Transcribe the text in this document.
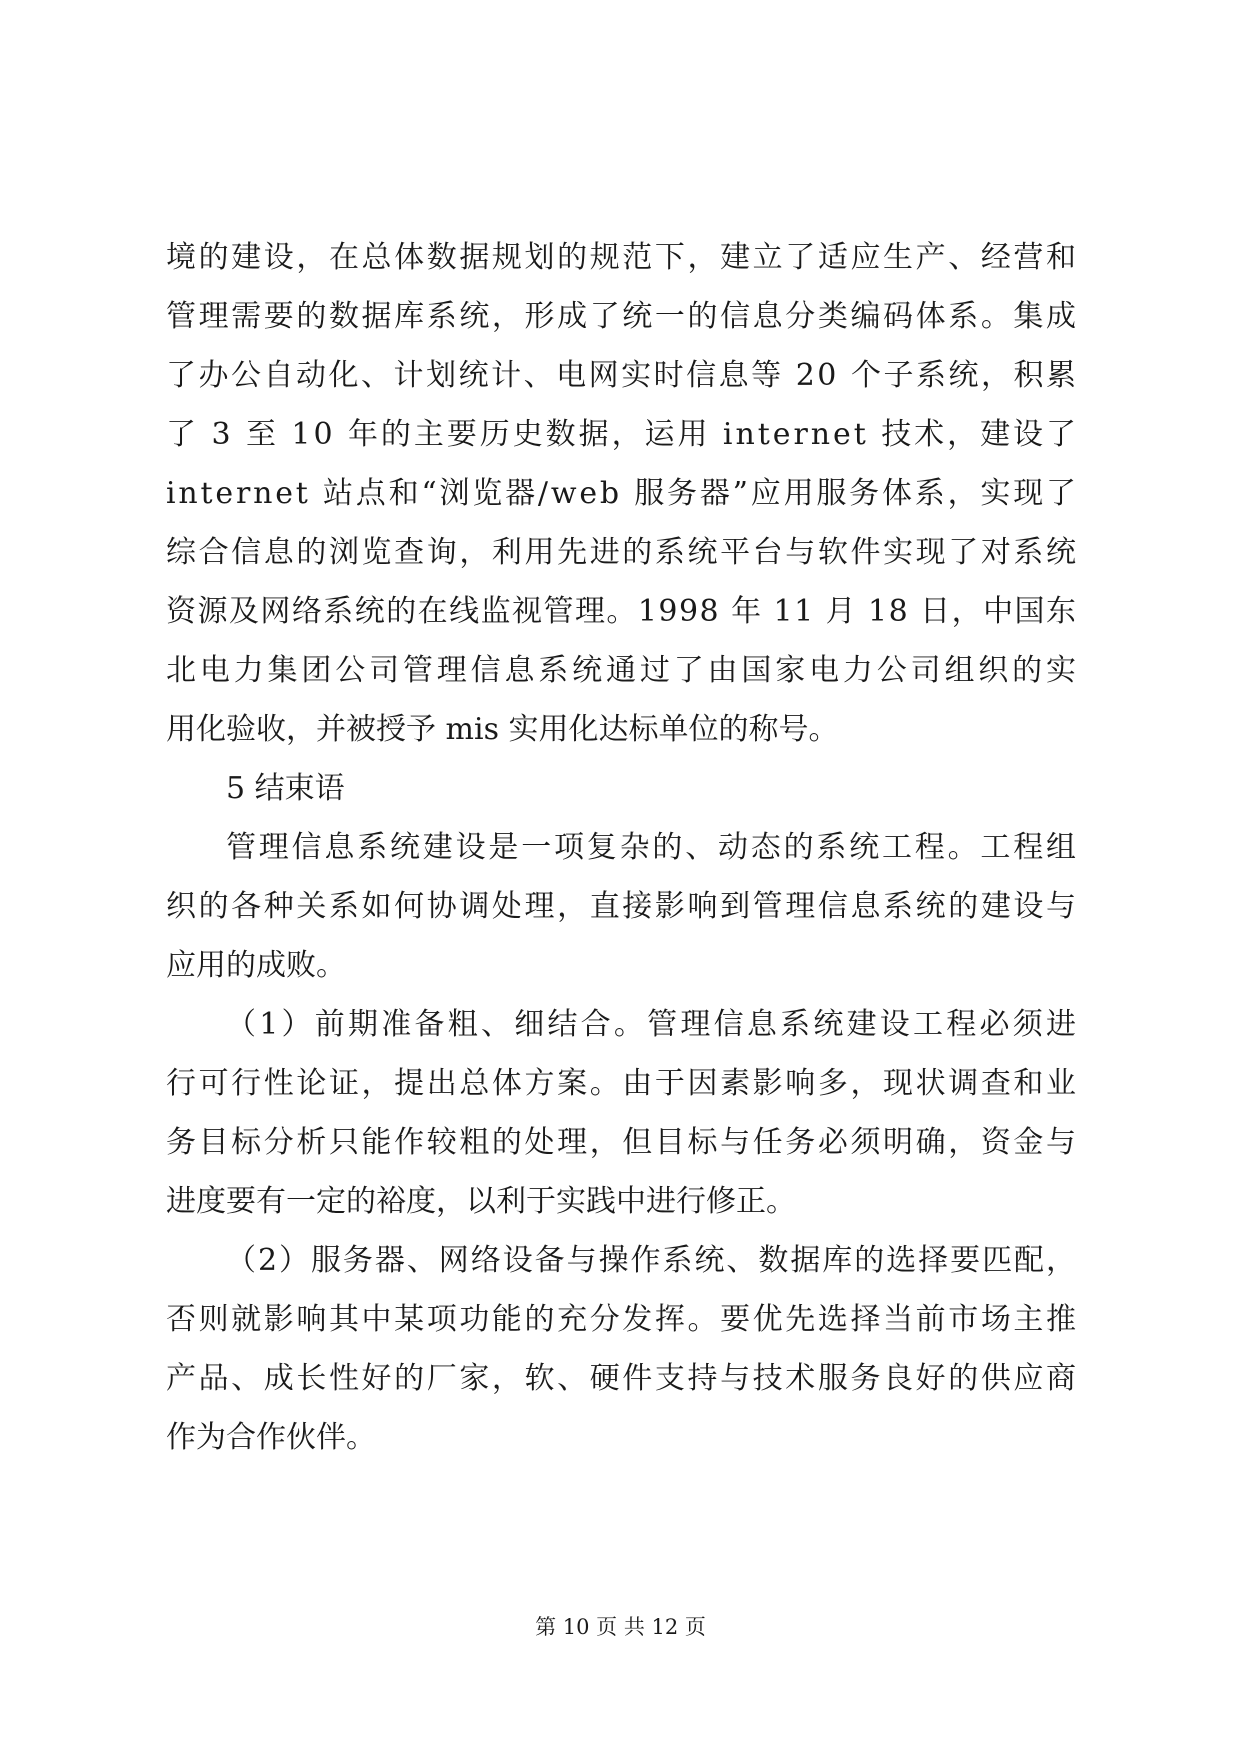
境的建设，在总体数据规划的规范下，建立了适应生产、经营和
管理需要的数据库系统，形成了统一的信息分类编码体系。集成
了办公自动化、计划统计、电网实时信息等 20 个子系统，积累
了 3 至 10 年的主要历史数据，运用 internet 技术，建设了
internet 站点和“浏览器/web 服务器”应用服务体系，实现了
综合信息的浏览查询，利用先进的系统平台与软件实现了对系统
资源及网络系统的在线监视管理。1998 年 11 月 18 日，中国东
北电力集团公司管理信息系统通过了由国家电力公司组织的实
用化验收，并被授予 mis 实用化达标单位的称号。
5 结束语
管理信息系统建设是一项复杂的、动态的系统工程。工程组
织的各种关系如何协调处理，直接影响到管理信息系统的建设与
应用的成败。
（1）前期准备粗、细结合。管理信息系统建设工程必须进
行可行性论证，提出总体方案。由于因素影响多，现状调查和业
务目标分析只能作较粗的处理，但目标与任务必须明确，资金与
进度要有一定的裕度，以利于实践中进行修正。
（2）服务器、网络设备与操作系统、数据库的选择要匹配，
否则就影响其中某项功能的充分发挥。要优先选择当前市场主推
产品、成长性好的厂家，软、硬件支持与技术服务良好的供应商
作为合作伙伴。
第 10 页 共 12 页
